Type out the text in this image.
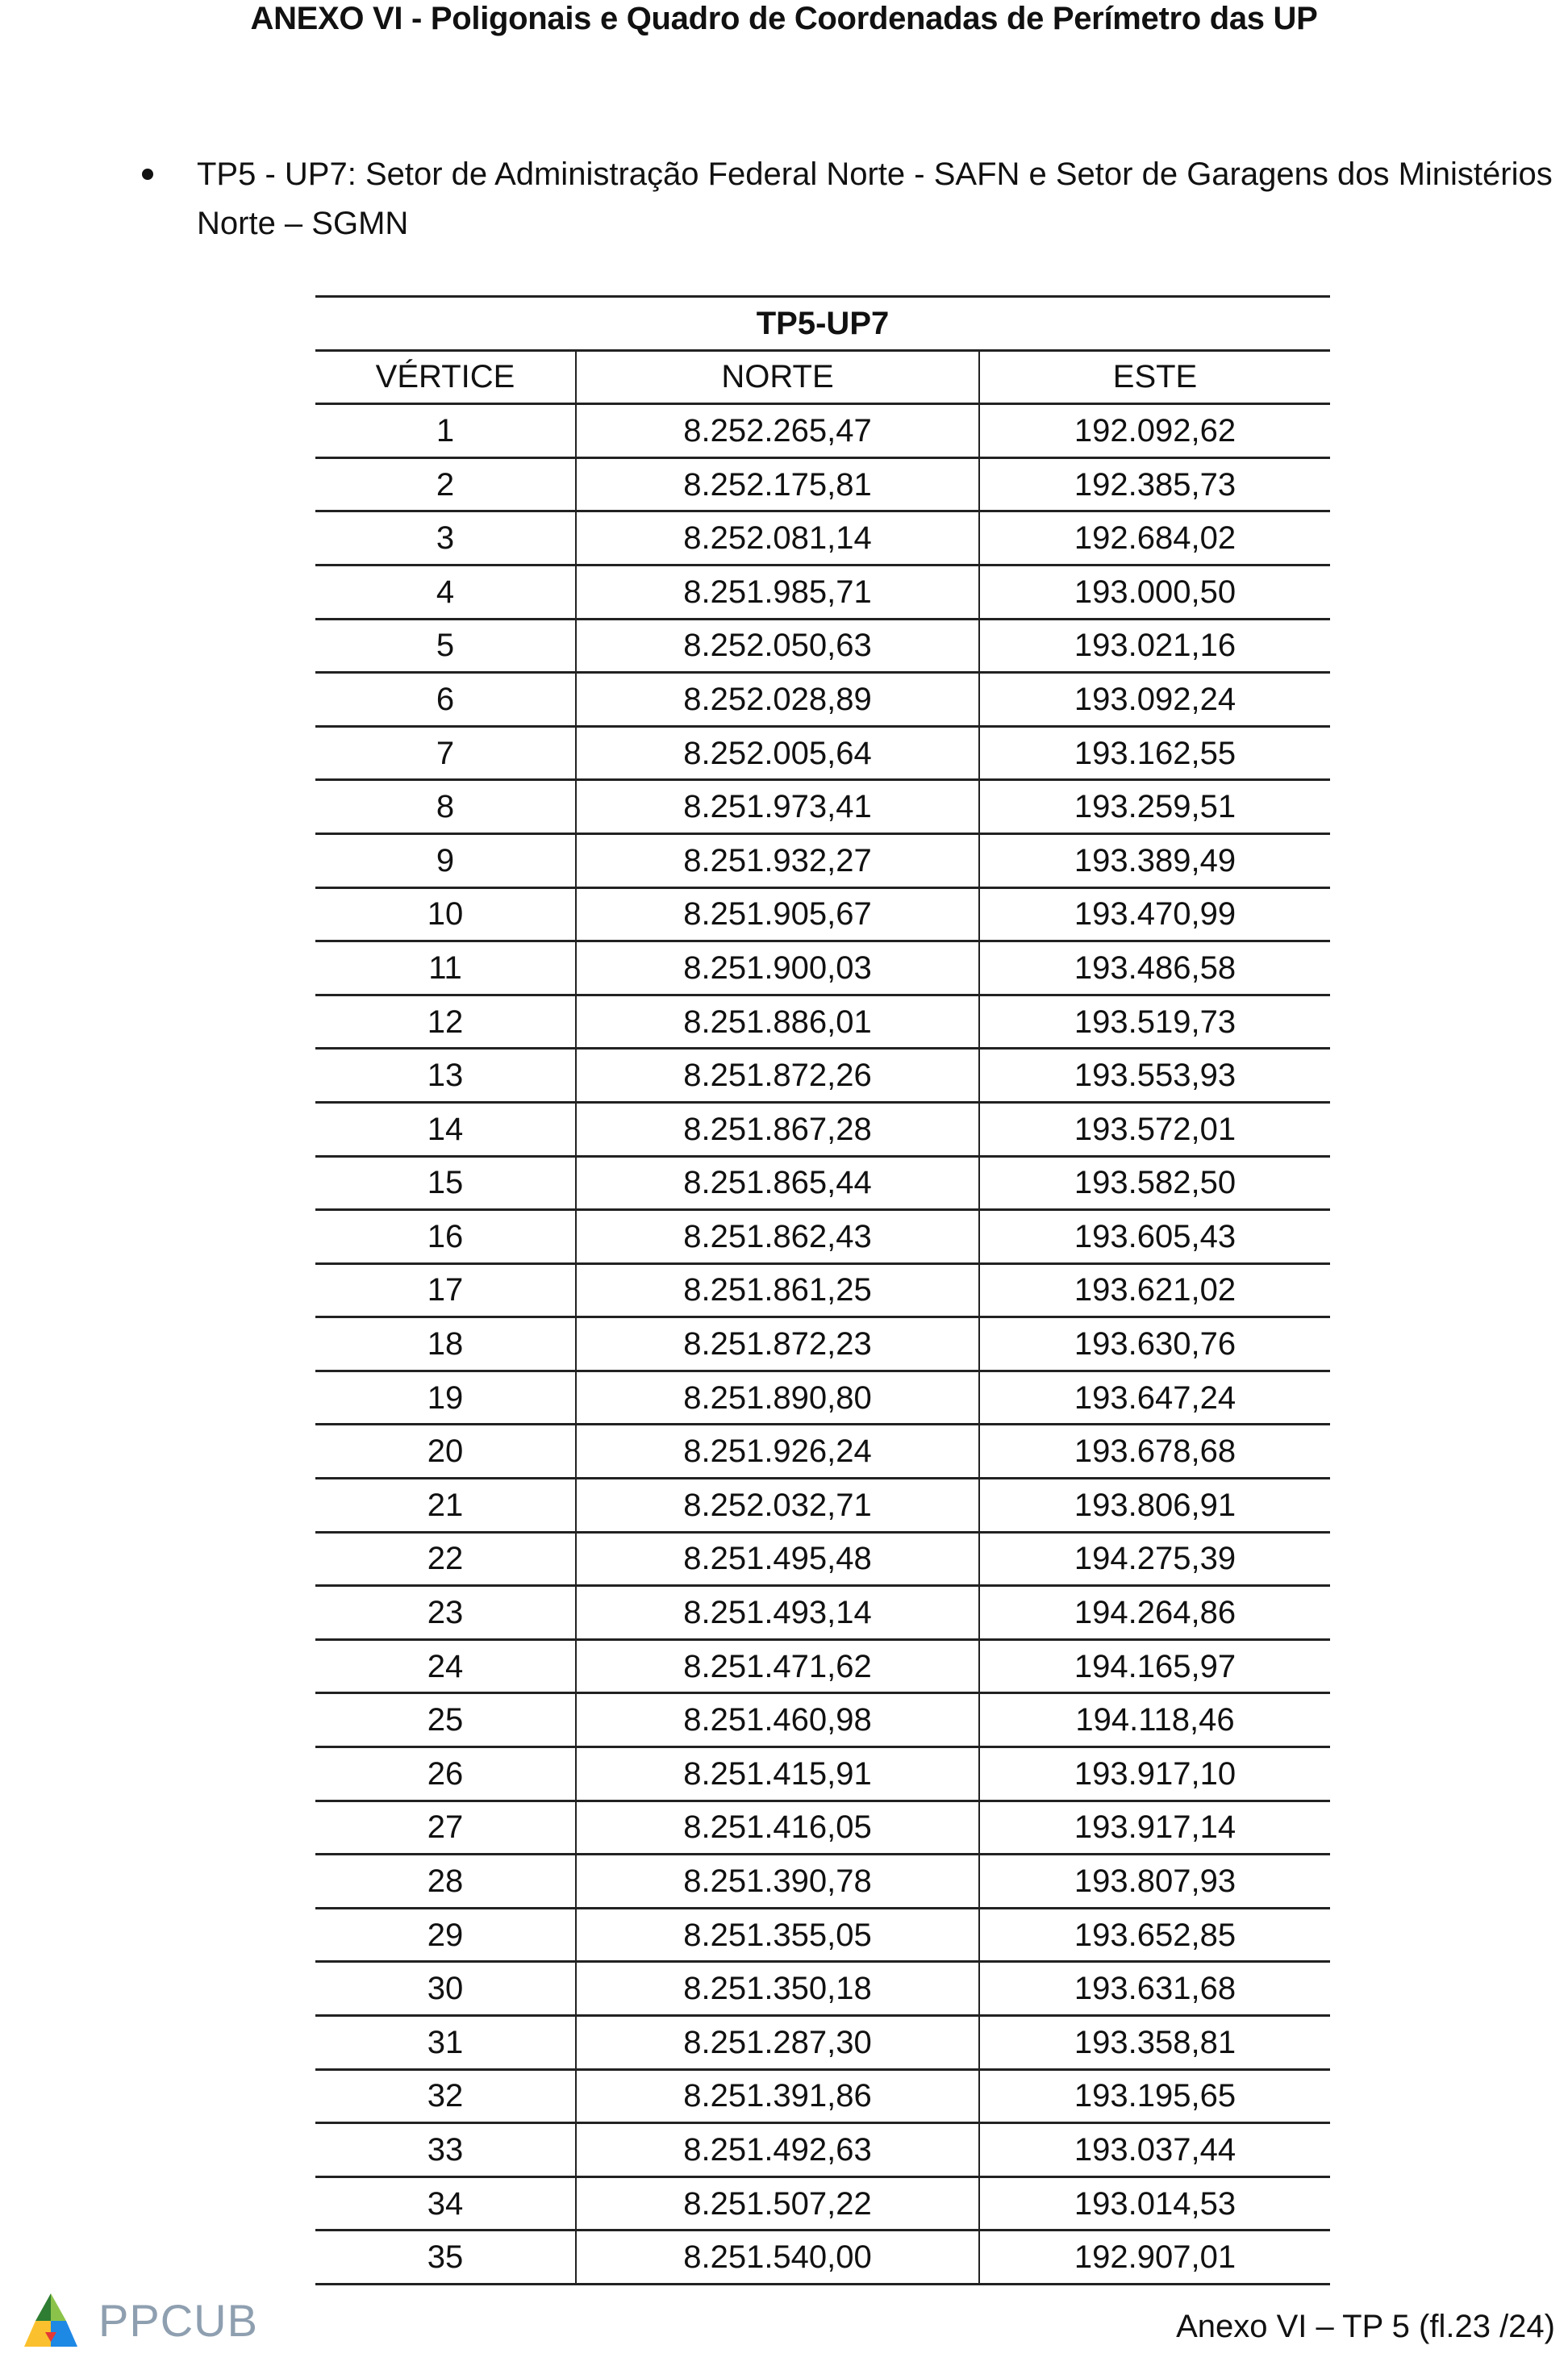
ANEXO VI - Poligonais e Quadro de Coordenadas de Perímetro das UP
TP5 - UP7: Setor de Administração Federal Norte - SAFN e Setor de Garagens dos Ministérios Norte – SGMN
TP5-UP7		
VÉRTICE	NORTE	ESTE
1	8.252.265,47	192.092,62
2	8.252.175,81	192.385,73
3	8.252.081,14	192.684,02
4	8.251.985,71	193.000,50
5	8.252.050,63	193.021,16
6	8.252.028,89	193.092,24
7	8.252.005,64	193.162,55
8	8.251.973,41	193.259,51
9	8.251.932,27	193.389,49
10	8.251.905,67	193.470,99
11	8.251.900,03	193.486,58
12	8.251.886,01	193.519,73
13	8.251.872,26	193.553,93
14	8.251.867,28	193.572,01
15	8.251.865,44	193.582,50
16	8.251.862,43	193.605,43
17	8.251.861,25	193.621,02
18	8.251.872,23	193.630,76
19	8.251.890,80	193.647,24
20	8.251.926,24	193.678,68
21	8.252.032,71	193.806,91
22	8.251.495,48	194.275,39
23	8.251.493,14	194.264,86
24	8.251.471,62	194.165,97
25	8.251.460,98	194.118,46
26	8.251.415,91	193.917,10
27	8.251.416,05	193.917,14
28	8.251.390,78	193.807,93
29	8.251.355,05	193.652,85
30	8.251.350,18	193.631,68
31	8.251.287,30	193.358,81
32	8.251.391,86	193.195,65
33	8.251.492,63	193.037,44
34	8.251.507,22	193.014,53
35	8.251.540,00	192.907,01
PPCUB	Anexo VI – TP 5 (fl.23 /24)
